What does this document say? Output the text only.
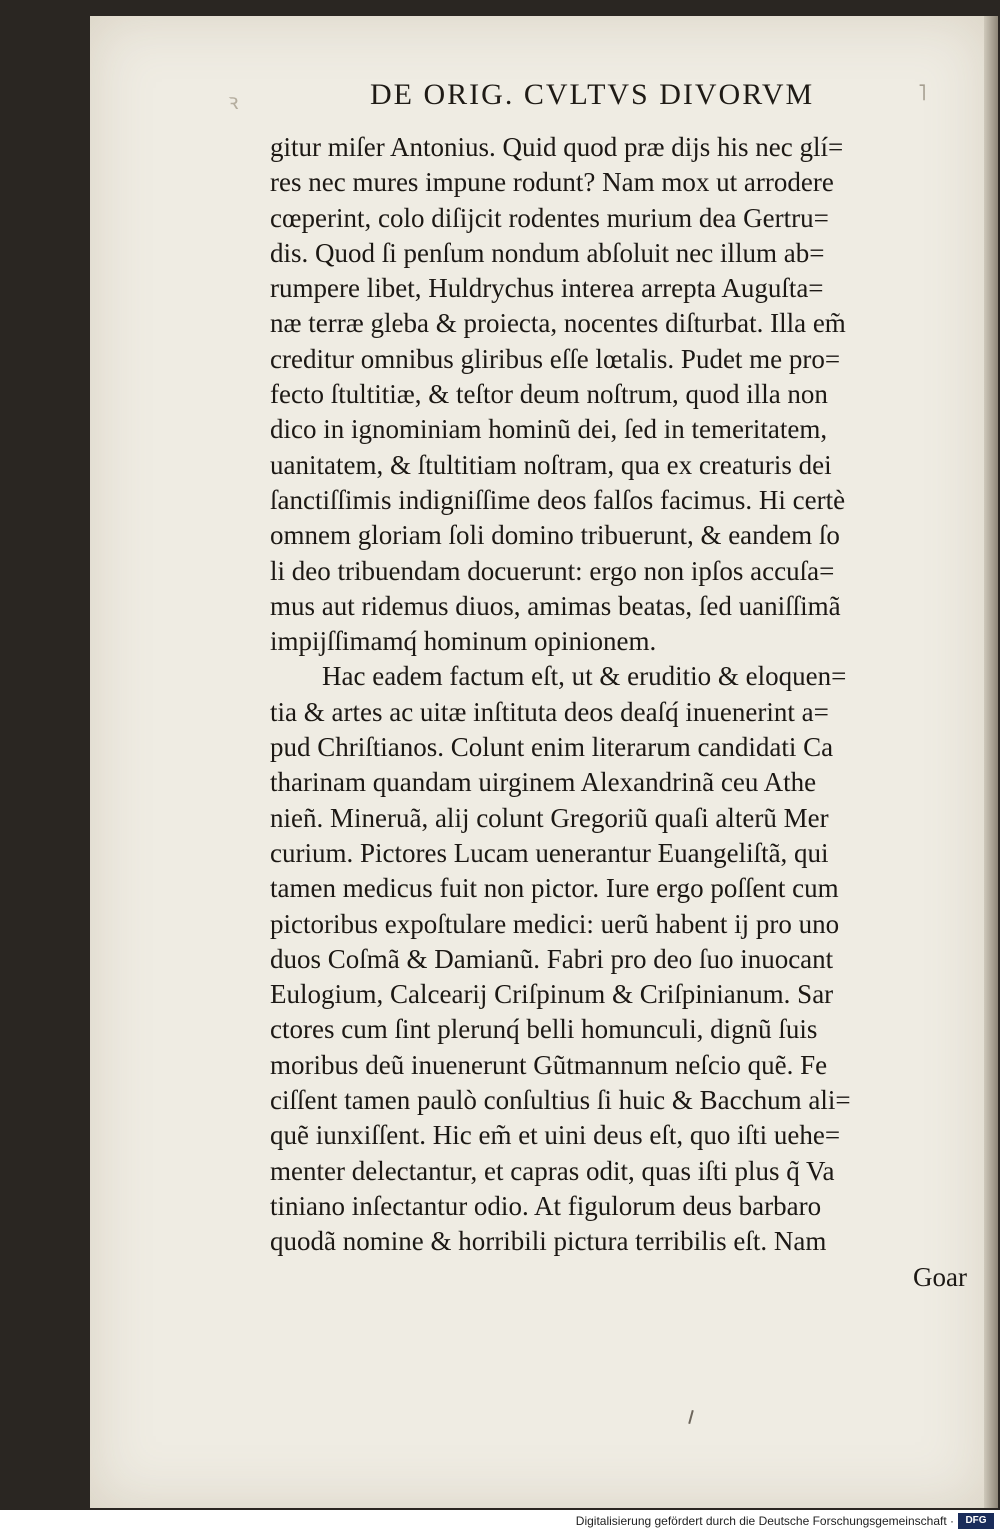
ꝛ	DE ORIG. CVLTVS DIVORVM	˥
gitur miſer Antonius. Quid quod præ dijs his nec glí=
res nec mures impune rodunt? Nam mox ut arrodere
cœperint, colo diſijcit rodentes murium dea Gertru=
dis. Quod ſi penſum nondum abſoluit nec illum ab=
rumpere libet, Huldrychus interea arrepta Auguſta=
næ terræ gleba & proiecta, nocentes diſturbat. Illa em̃
creditur omnibus gliribus eſſe lœtalis. Pudet me pro=
fecto ſtultitiæ, & teſtor deum noſtrum, quod illa non
dico in ignominiam hominũ dei, ſed in temeritatem,
uanitatem, & ſtultitiam noſtram, qua ex creaturis dei
ſanctiſſimis indigniſſime deos falſos facimus. Hi certè
omnem gloriam ſoli domino tribuerunt, & eandem ſo
li deo tribuendam docuerunt: ergo non ipſos accuſa=
mus aut ridemus diuos, amimas beatas, ſed uaniſſimã
impijſſimamq́ hominum opinionem.
Hac eadem factum eſt, ut & eruditio & eloquen=
tia & artes ac uitæ inſtituta deos deaſq́ inuenerint a=
pud Chriſtianos. Colunt enim literarum candidati Ca
tharinam quandam uirginem Alexandrinã ceu Athe
nieñ. Mineruã, alij colunt Gregoriũ quaſi alterũ Mer
curium. Pictores Lucam uenerantur Euangeliſtã, qui
tamen medicus fuit non pictor. Iure ergo poſſent cum
pictoribus expoſtulare medici: uerũ habent ij pro uno
duos Coſmã & Damianũ. Fabri pro deo ſuo inuocant
Eulogium, Calcearij Criſpinum & Criſpinianum. Sar
ctores cum ſint plerunq́ belli homunculi, dignũ ſuis
moribus deũ inuenerunt Gũtmannum neſcio quẽ. Fe
ciſſent tamen paulò conſultius ſi huic & Bacchum ali=
quẽ iunxiſſent. Hic em̃ et uini deus eſt, quo iſti uehe=
menter delectantur, et capras odit, quas iſti plus q̃ Va
tiniano inſectantur odio. At figulorum deus barbaro
quodã nomine & horribili pictura terribilis eſt. Nam
Goar
Digitalisierung gefördert durch die Deutsche Forschungsgemeinschaft ·	DFG
